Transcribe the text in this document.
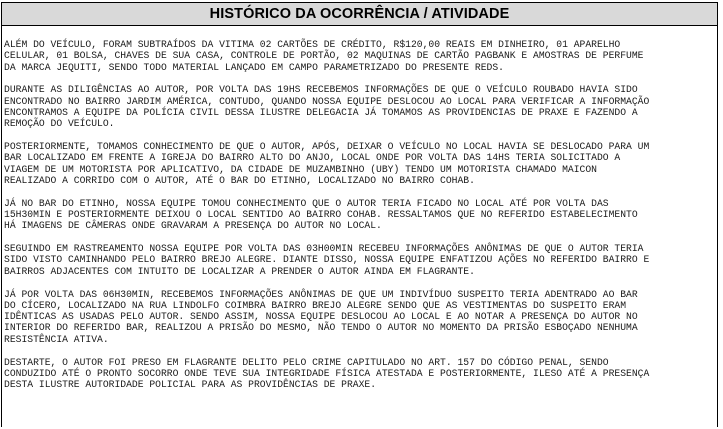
HISTÓRICO DA OCORRÊNCIA / ATIVIDADE
ALÉM DO VEÍCULO, FORAM SUBTRAÍDOS DA VITIMA 02 CARTÕES DE CRÉDITO, R$120,00 REAIS EM DINHEIRO, 01 APARELHO
CELULAR, 01 BOLSA, CHAVES DE SUA CASA, CONTROLE DE PORTÃO, 02 MAQUINAS DE CARTÃO PAGBANK E AMOSTRAS DE PERFUME
DA MARCA JEQUITI, SENDO TODO MATERIAL LANÇADO EM CAMPO PARAMETRIZADO DO PRESENTE REDS.
DURANTE AS DILIGÊNCIAS AO AUTOR, POR VOLTA DAS 19HS RECEBEMOS INFORMAÇÕES DE QUE O VEÍCULO ROUBADO HAVIA SIDO
ENCONTRADO NO BAIRRO JARDIM AMÉRICA, CONTUDO, QUANDO NOSSA EQUIPE DESLOCOU AO LOCAL PARA VERIFICAR A INFORMAÇÃO
ENCONTRAMOS A EQUIPE DA POLÍCIA CIVIL DESSA ILUSTRE DELEGACIA JÁ TOMAMOS AS PROVIDENCIAS DE PRAXE E FAZENDO A
REMOÇÃO DO VEÍCULO.
POSTERIORMENTE, TOMAMOS CONHECIMENTO DE QUE O AUTOR, APÓS, DEIXAR O VEÍCULO NO LOCAL HAVIA SE DESLOCADO PARA UM
BAR LOCALIZADO EM FRENTE A IGREJA DO BAIRRO ALTO DO ANJO, LOCAL ONDE POR VOLTA DAS 14HS TERIA SOLICITADO A
VIAGEM DE UM MOTORISTA POR APLICATIVO, DA CIDADE DE MUZAMBINHO (UBY) TENDO UM MOTORISTA CHAMADO MAICON
REALIZADO A CORRIDO COM O AUTOR, ATÉ O BAR DO ETINHO, LOCALIZADO NO BAIRRO COHAB.
JÁ NO BAR DO ETINHO, NOSSA EQUIPE TOMOU CONHECIMENTO QUE O AUTOR TERIA FICADO NO LOCAL ATÉ POR VOLTA DAS
15H30MIN E POSTERIORMENTE DEIXOU O LOCAL SENTIDO AO BAIRRO COHAB. RESSALTAMOS QUE NO REFERIDO ESTABELECIMENTO
HÁ IMAGENS DE CÂMERAS ONDE GRAVARAM A PRESENÇA DO AUTOR NO LOCAL.
SEGUINDO EM RASTREAMENTO NOSSA EQUIPE POR VOLTA DAS 03H00MIN RECEBEU INFORMAÇÕES ANÔNIMAS DE QUE O AUTOR TERIA
SIDO VISTO CAMINHANDO PELO BAIRRO BREJO ALEGRE. DIANTE DISSO, NOSSA EQUIPE ENFATIZOU AÇÕES NO REFERIDO BAIRRO E
BAIRROS ADJACENTES COM INTUITO DE LOCALIZAR A PRENDER O AUTOR AINDA EM FLAGRANTE.
JÁ POR VOLTA DAS 06H30MIN, RECEBEMOS INFORMAÇÕES ANÔNIMAS DE QUE UM INDIVÍDUO SUSPEITO TERIA ADENTRADO AO BAR
DO CÍCERO, LOCALIZADO NA RUA LINDOLFO COIMBRA BAIRRO BREJO ALEGRE SENDO QUE AS VESTIMENTAS DO SUSPEITO ERAM
IDÊNTICAS AS USADAS PELO AUTOR. SENDO ASSIM, NOSSA EQUIPE DESLOCOU AO LOCAL E AO NOTAR A PRESENÇA DO AUTOR NO
INTERIOR DO REFERIDO BAR, REALIZOU A PRISÃO DO MESMO, NÃO TENDO O AUTOR NO MOMENTO DA PRISÃO ESBOÇADO NENHUMA
RESISTÊNCIA ATIVA.
DESTARTE, O AUTOR FOI PRESO EM FLAGRANTE DELITO PELO CRIME CAPITULADO NO ART. 157 DO CÓDIGO PENAL, SENDO
CONDUZIDO ATÉ O PRONTO SOCORRO ONDE TEVE SUA INTEGRIDADE FÍSICA ATESTADA E POSTERIORMENTE, ILESO ATÉ A PRESENÇA
DESTA ILUSTRE AUTORIDADE POLICIAL PARA AS PROVIDÊNCIAS DE PRAXE.
